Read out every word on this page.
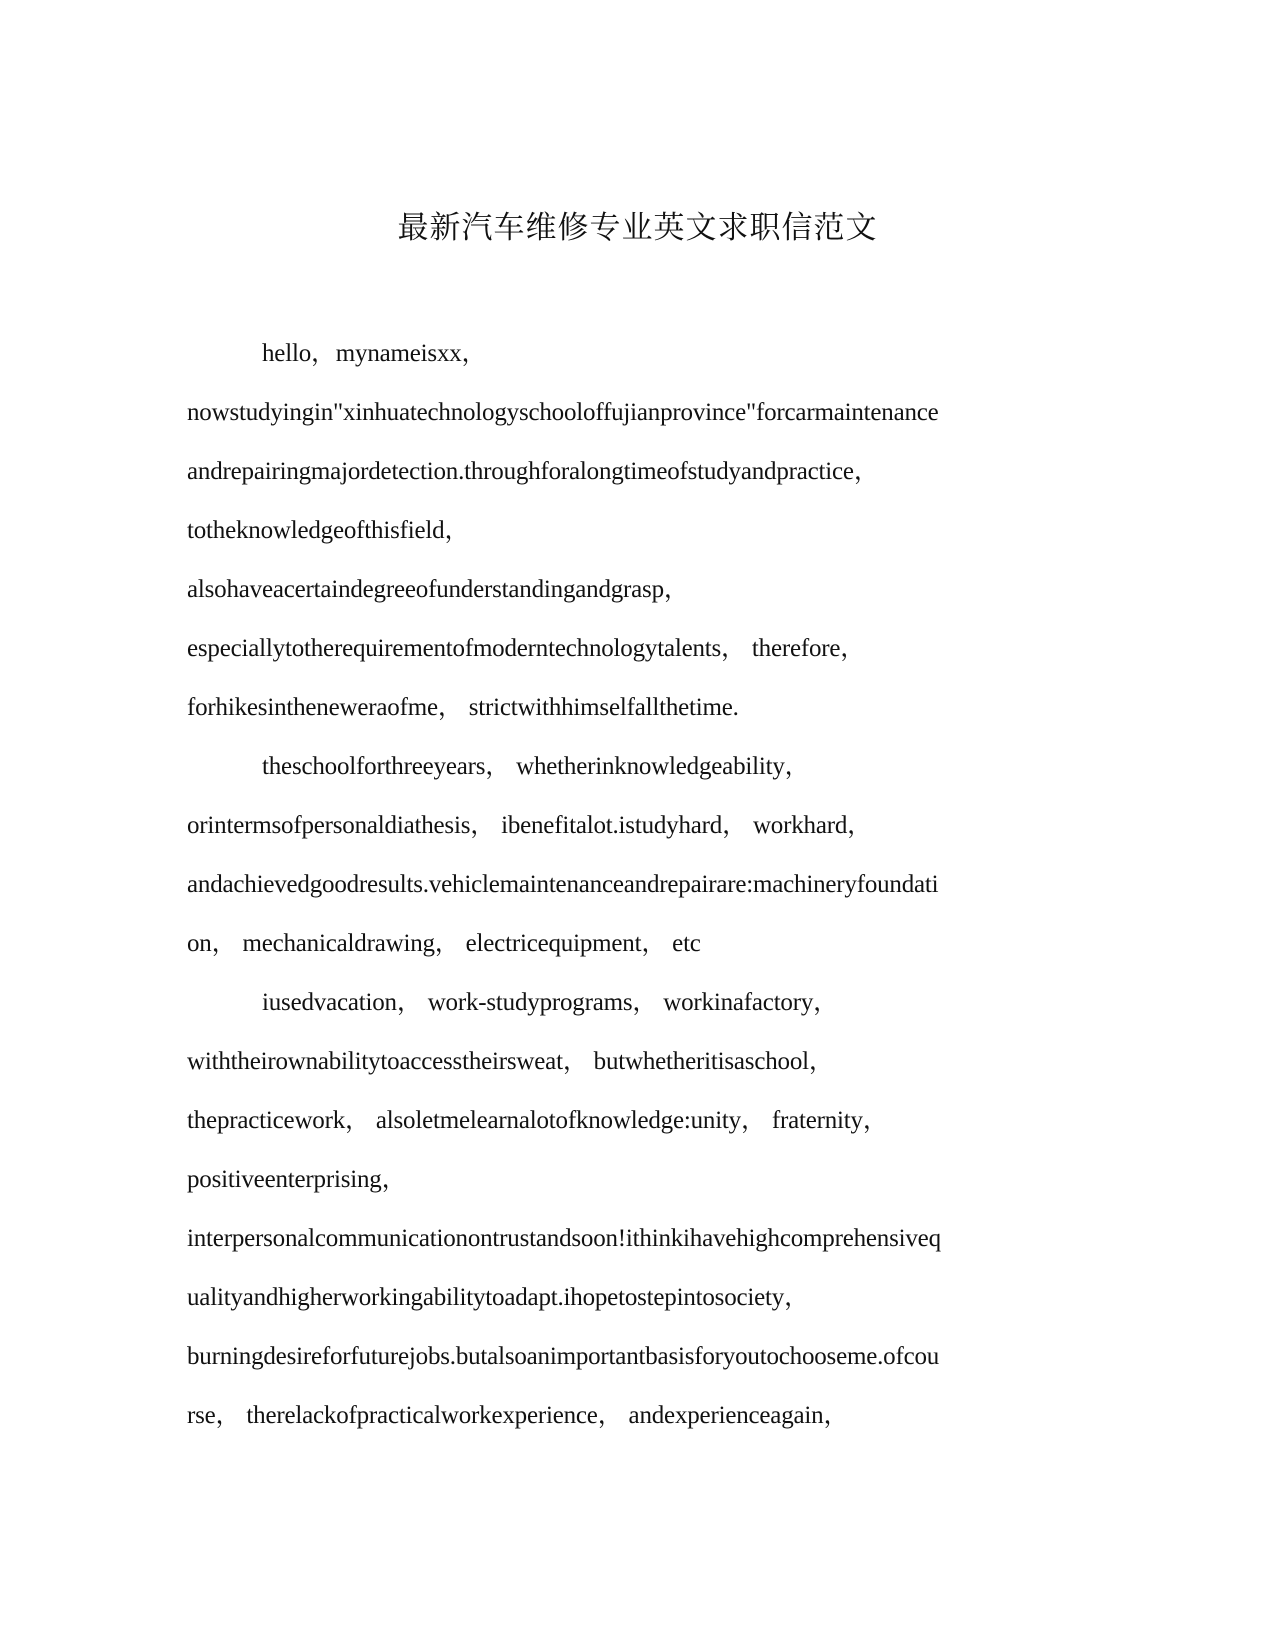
最新汽车维修专业英文求职信范文
hello，mynameisxx，
nowstudyingin"xinhuatechnologyschooloffujianprovince"forcarmaintenance
andrepairingmajordetection.throughforalongtimeofstudyandpractice，
totheknowledgeofthisfield，
alsohaveacertaindegreeofunderstandingandgrasp，
especiallytotherequirementofmoderntechnologytalents， therefore，
forhikesintheneweraofme， strictwithhimselfallthetime.
theschoolforthreeyears， whetherinknowledgeability，
orintermsofpersonaldiathesis， ibenefitalot.istudyhard， workhard，
andachievedgoodresults.vehiclemaintenanceandrepairare:machineryfoundati
on， mechanicaldrawing， electricequipment， etc
iusedvacation， work-studyprograms， workinafactory，
withtheirownabilitytoaccesstheirsweat， butwhetheritisaschool，
thepracticework， alsoletmelearnalotofknowledge:unity， fraternity，
positiveenterprising，
interpersonalcommunicationontrustandsoon!ithinkihavehighcomprehensiveq
ualityandhigherworkingabilitytoadapt.ihopetostepintosociety，
burningdesireforfuturejobs.butalsoanimportantbasisforyoutochooseme.ofcou
rse， therelackofpracticalworkexperience， andexperienceagain，
